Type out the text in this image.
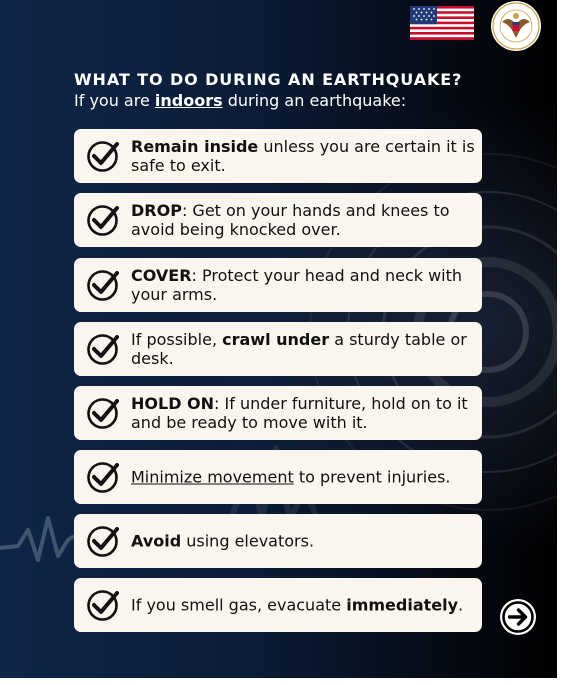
WHAT TO DO DURING AN EARTHQUAKE?
If you are indoors during an earthquake:
Remain inside unless you are certain it is safe to exit.
DROP: Get on your hands and knees to avoid being knocked over.
COVER: Protect your head and neck with your arms.
If possible, crawl under a sturdy table or desk.
HOLD ON: If under furniture, hold on to it and be ready to move with it.
Minimize movement to prevent injuries.
Avoid using elevators.
If you smell gas, evacuate immediately.
